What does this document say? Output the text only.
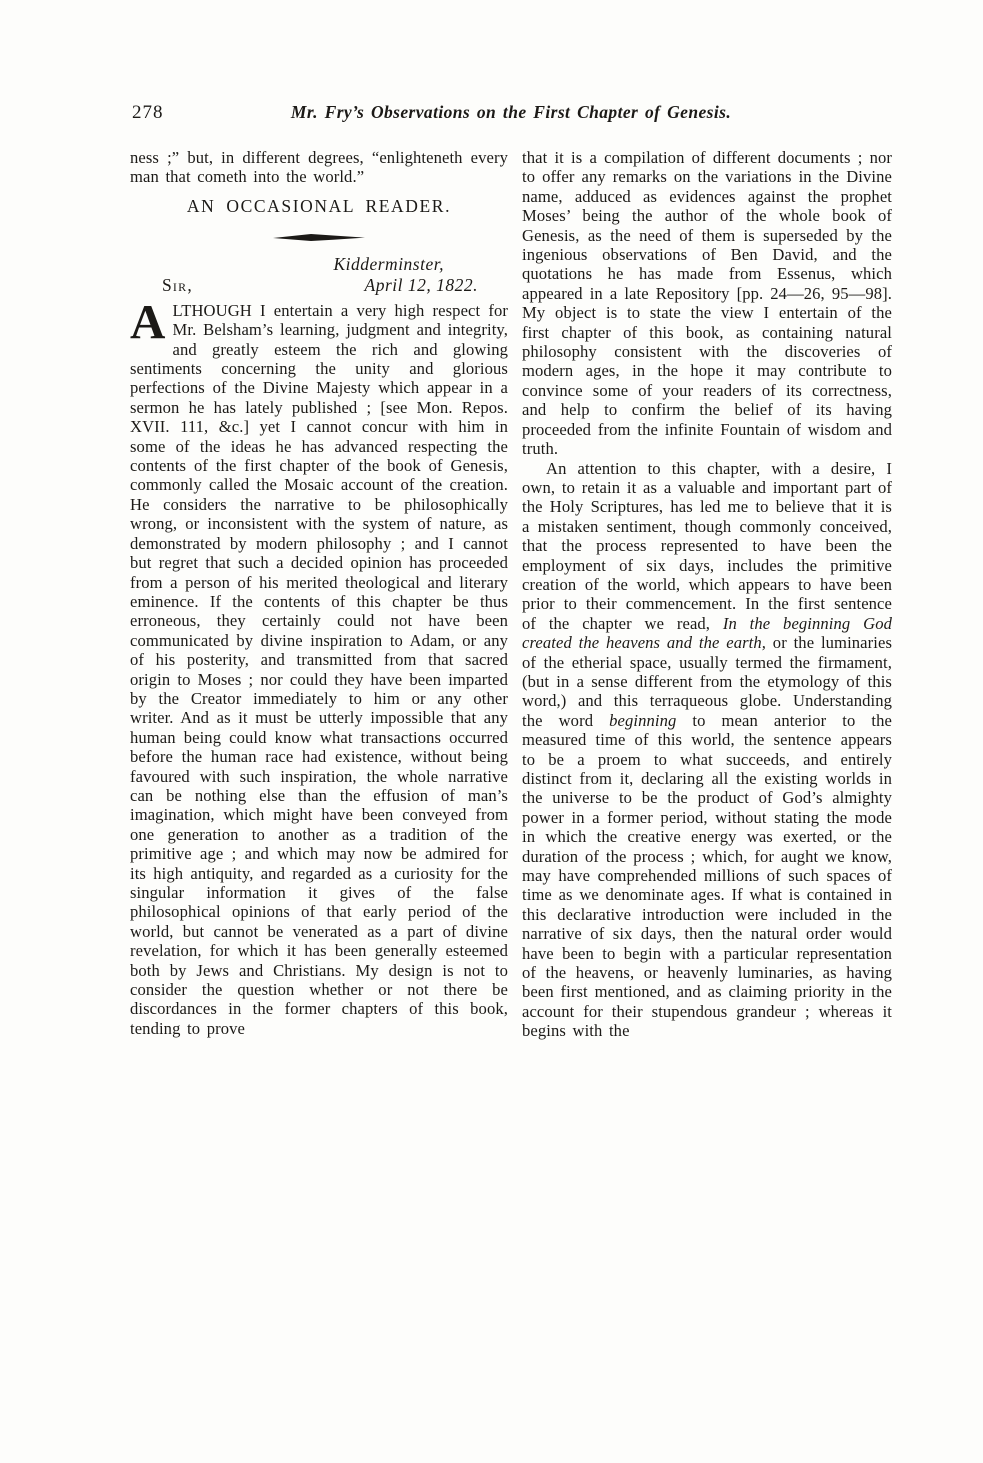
278	Mr. Fry’s Observations on the First Chapter of Genesis.

ness ;” but, in different degrees, “enlighteneth every man that cometh into the world.”

AN OCCASIONAL READER.

Kidderminster,

Sir,	April 12, 1822.

ALTHOUGH I entertain a very high respect for Mr. Belsham’s learning, judgment and integrity, and greatly esteem the rich and glowing sentiments concerning the unity and glorious perfections of the Divine Majesty which appear in a sermon he has lately published ; [see Mon. Repos. XVII. 111, &c.] yet I cannot concur with him in some of the ideas he has advanced respecting the contents of the first chapter of the book of Genesis, commonly called the Mosaic account of the creation. He considers the narrative to be philosophically wrong, or inconsistent with the system of nature, as demonstrated by modern philosophy ; and I cannot but regret that such a decided opinion has proceeded from a person of his merited theological and literary eminence. If the contents of this chapter be thus erroneous, they certainly could not have been communicated by divine inspiration to Adam, or any of his posterity, and transmitted from that sacred origin to Moses ; nor could they have been imparted by the Creator immediately to him or any other writer. And as it must be utterly impossible that any human being could know what transactions occurred before the human race had existence, without being favoured with such inspiration, the whole narrative can be nothing else than the effusion of man’s imagination, which might have been conveyed from one generation to another as a tradition of the primitive age ; and which may now be admired for its high antiquity, and regarded as a curiosity for the singular information it gives of the false philosophical opinions of that early period of the world, but cannot be venerated as a part of divine revelation, for which it has been generally esteemed both by Jews and Christians. My design is not to consider the question whether or not there be discordances in the former chapters of this book, tending to prove

that it is a compilation of different documents ; nor to offer any remarks on the variations in the Divine name, adduced as evidences against the prophet Moses’ being the author of the whole book of Genesis, as the need of them is superseded by the ingenious observations of Ben David, and the quotations he has made from Essenus, which appeared in a late Repository [pp. 24—26, 95—98]. My object is to state the view I entertain of the first chapter of this book, as containing natural philosophy consistent with the discoveries of modern ages, in the hope it may contribute to convince some of your readers of its correctness, and help to confirm the belief of its having proceeded from the infinite Fountain of wisdom and truth.

An attention to this chapter, with a desire, I own, to retain it as a valuable and important part of the Holy Scriptures, has led me to believe that it is a mistaken sentiment, though commonly conceived, that the process represented to have been the employment of six days, includes the primitive creation of the world, which appears to have been prior to their commencement. In the first sentence of the chapter we read, In the beginning God created the heavens and the earth, or the luminaries of the etherial space, usually termed the firmament, (but in a sense different from the etymology of this word,) and this terraqueous globe. Understanding the word beginning to mean anterior to the measured time of this world, the sentence appears to be a proem to what succeeds, and entirely distinct from it, declaring all the existing worlds in the universe to be the product of God’s almighty power in a former period, without stating the mode in which the creative energy was exerted, or the duration of the process ; which, for aught we know, may have comprehended millions of such spaces of time as we denominate ages. If what is contained in this declarative introduction were included in the narrative of six days, then the natural order would have been to begin with a particular representation of the heavens, or heavenly luminaries, as having been first mentioned, and as claiming priority in the account for their stupendous grandeur ; whereas it begins with the
